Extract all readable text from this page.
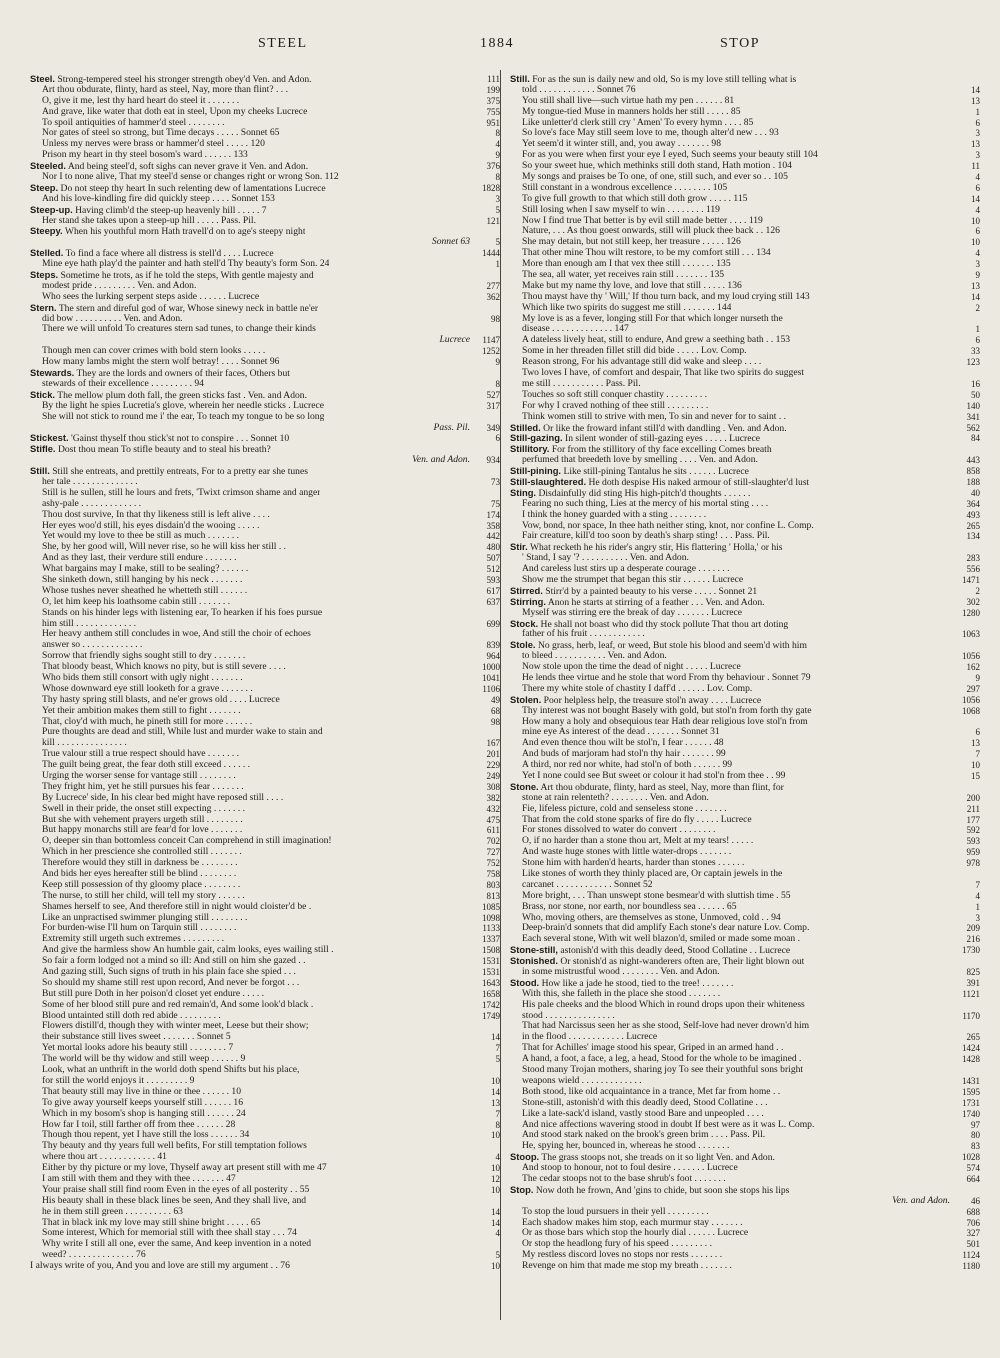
STEEL	1884	STOP
Steel. Strong-tempered steel his stronger strength obey'd Ven. and Adon.	111
Art thou obdurate, flinty, hard as steel, Nay, more than flint? . . .	199
O, give it me, lest thy hard heart do steel it . . . . . . .	375
And grave, like water that doth eat in steel, Upon my cheeks Lucrece	755
To spoil antiquities of hammer'd steel . . . . . . . .	951
Nor gates of steel so strong, but Time decays . . . . . Sonnet 65	8
Unless my nerves were brass or hammer'd steel . . . . . 120	4
Prison my heart in thy steel bosom's ward . . . . . . 133	9
Steeled. And being steel'd, soft sighs can never grave it Ven. and Adon.	376
Nor I to none alive, That my steel'd sense or changes right or wrong Son. 112	8
Steep. Do not steep thy heart In such relenting dew of lamentations Lucrece	1828
And his love-kindling fire did quickly steep . . . . Sonnet 153	3
Steep-up. Having climb'd the steep-up heavenly hill . . . . . 7	5
Her stand she takes upon a steep-up hill . . . . . Pass. Pil.	121
Steepy. When his youthful morn Hath travell'd on to age's steepy night
Sonnet 63	5
Stelled. To find a face where all distress is stell'd . . . . Lucrece	1444
Mine eye hath play'd the painter and hath stell'd Thy beauty's form Son. 24	1
Steps. Sometime he trots, as if he told the steps, With gentle majesty and
modest pride . . . . . . . . . Ven. and Adon.	277
Who sees the lurking serpent steps aside . . . . . . Lucrece	362
Stern. The stern and direful god of war, Whose sinewy neck in battle ne'er
did bow . . . . . . . . . . Ven. and Adon.	98
There we will unfold To creatures stern sad tunes, to change their kinds
Lucrece	1147
Though men can cover crimes with bold stern looks . . . . .	1252
How many lambs might the stern wolf betray! . . . . Sonnet 96	9
Stewards. They are the lords and owners of their faces, Others but
stewards of their excellence . . . . . . . . . 94	8
Stick. The mellow plum doth fall, the green sticks fast . Ven. and Adon.	527
By the light he spies Lucretia's glove, wherein her needle sticks . Lucrece	317
She will not stick to round me i' the ear, To teach my tongue to be so long
Pass. Pil.	349
Stickest. 'Gainst thyself thou stick'st not to conspire . . . Sonnet 10	6
Stifle. Dost thou mean To stifle beauty and to steal his breath?
Ven. and Adon.	934
Still. Still she entreats, and prettily entreats, For to a pretty ear she tunes
her tale . . . . . . . . . . . . . .	73
Still is he sullen, still he lours and frets, 'Twixt crimson shame and anger
ashy-pale . . . . . . . . . . . . .	75
Thou dost survive, In that thy likeness still is left alive . . . .	174
Her eyes woo'd still, his eyes disdain'd the wooing . . . . .	358
Yet would my love to thee be still as much . . . . . . .	442
She, by her good will, Will never rise, so he will kiss her still . .	480
And as they last, their verdure still endure . . . . . . .	507
What bargains may I make, still to be sealing? . . . . . .	512
She sinketh down, still hanging by his neck . . . . . . .	593
Whose tushes never sheathed he whetteth still . . . . . .	617
O, let him keep his loathsome cabin still . . . . . . .	637
Stands on his hinder legs with listening ear, To hearken if his foes pursue
him still . . . . . . . . . . . . .	699
Her heavy anthem still concludes in woe, And still the choir of echoes
answer so . . . . . . . . . . . . .	839
Sorrow that friendly sighs sought still to dry . . . . . . .	964
That bloody beast, Which knows no pity, but is still severe . . . .	1000
Who bids them still consort with ugly night . . . . . . .	1041
Whose downward eye still looketh for a grave . . . . . . .	1106
Thy hasty spring still blasts, and ne'er grows old . . . . Lucrece	49
Yet their ambition makes them still to fight . . . . . . .	68
That, cloy'd with much, he pineth still for more . . . . . .	98
Pure thoughts are dead and still, While lust and murder wake to stain and
kill . . . . . . . . . . . . . . .	167
True valour still a true respect should have . . . . . . .	201
The guilt being great, the fear doth still exceed . . . . . .	229
Urging the worser sense for vantage still . . . . . . . .	249
They fright him, yet he still pursues his fear . . . . . . .	308
By Lucrece' side, In his clear bed might have reposed still . . . .	382
Swell in their pride, the onset still expecting . . . . . . .	432
But she with vehement prayers urgeth still . . . . . . . .	475
But happy monarchs still are fear'd for love . . . . . . .	611
O, deeper sin than bottomless conceit Can comprehend in still imagination!	702
Which in her prescience she controlled still . . . . . . .	727
Therefore would they still in darkness be . . . . . . . .	752
And bids her eyes hereafter still be blind . . . . . . . .	758
Keep still possession of thy gloomy place . . . . . . . .	803
The nurse, to still her child, will tell my story . . . . . .	813
Shames herself to see, And therefore still in night would cloister'd be .	1085
Like an unpractised swimmer plunging still . . . . . . . .	1098
For burden-wise I'll hum on Tarquin still . . . . . . . .	1133
Extremity still urgeth such extremes . . . . . . . . .	1337
And give the harmless show An humble gait, calm looks, eyes wailing still .	1508
So fair a form lodged not a mind so ill: And still on him she gazed . .	1531
And gazing still, Such signs of truth in his plain face she spied . . .	1531
So should my shame still rest upon record, And never be forgot . . .	1643
But still pure Doth in her poison'd closet yet endure . . . . .	1658
Some of her blood still pure and red remain'd, And some look'd black .	1742
Blood untainted still doth red abide . . . . . . . . .	1749
Flowers distill'd, though they with winter meet, Leese but their show;
their substance still lives sweet . . . . . . . Sonnet 5	14
Yet mortal looks adore his beauty still . . . . . . . . 7	7
The world will be thy widow and still weep . . . . . . 9	5
Look, what an unthrift in the world doth spend Shifts but his place,
for still the world enjoys it . . . . . . . . . 9	10
That beauty still may live in thine or thee . . . . . . 10	14
To give away yourself keeps yourself still . . . . . . 16	13
Which in my bosom's shop is hanging still . . . . . . 24	7
How far I toil, still farther off from thee . . . . . . 28	8
Though thou repent, yet I have still the loss . . . . . . 34	10
Thy beauty and thy years full well befits, For still temptation follows
where thou art . . . . . . . . . . . . 41	4
Either by thy picture or my love, Thyself away art present still with me 47	10
I am still with them and they with thee . . . . . . . 47	12
Your praise shall still find room Even in the eyes of all posterity . . 55	10
His beauty shall in these black lines be seen, And they shall live, and
he in them still green . . . . . . . . . . 63	14
That in black ink my love may still shine bright . . . . . 65	14
Some interest, Which for memorial still with thee shall stay . . . 74	4
Why write I still all one, ever the same, And keep invention in a noted
weed? . . . . . . . . . . . . . . 76	5
I always write of you, And you and love are still my argument . . 76	10
Still. For as the sun is daily new and old, So is my love still telling what is
told . . . . . . . . . . . . Sonnet 76	14
You still shall live—such virtue hath my pen . . . . . . 81	13
My tongue-tied Muse in manners holds her still . . . . . 85	1
Like unletter'd clerk still cry ' Amen' To every hymn . . . . 85	6
So love's face May still seem love to me, though alter'd new . . . 93	3
Yet seem'd it winter still, and, you away . . . . . . . 98	13
For as you were when first your eye I eyed, Such seems your beauty still 104	3
So your sweet hue, which methinks still doth stand, Hath motion . 104	11
My songs and praises be To one, of one, still such, and ever so . . 105	4
Still constant in a wondrous excellence . . . . . . . . 105	6
To give full growth to that which still doth grow . . . . . 115	14
Still losing when I saw myself to win . . . . . . . . 119	4
Now I find true That better is by evil still made better . . . . 119	10
Nature, . . . As thou goest onwards, still will pluck thee back . . 126	6
She may detain, but not still keep, her treasure . . . . . 126	10
That other mine Thou wilt restore, to be my comfort still . . . 134	4
More than enough am I that vex thee still . . . . . . . 135	3
The sea, all water, yet receives rain still . . . . . . . 135	9
Make but my name thy love, and love that still . . . . . 136	13
Thou mayst have thy ' Will,' If thou turn back, and my loud crying still 143	14
Which like two spirits do suggest me still . . . . . . . 144	2
My love is as a fever, longing still For that which longer nurseth the
disease . . . . . . . . . . . . . 147	1
A dateless lively heat, still to endure, And grew a seething bath . . 153	6
Some in her threaden fillet still did bide . . . . . Lov. Comp.	33
Reason strong, For his advantage still did wake and sleep . . . .	123
Two loves I have, of comfort and despair, That like two spirits do suggest
me still . . . . . . . . . . . Pass. Pil.	16
Touches so soft still conquer chastity . . . . . . . . .	50
For why I craved nothing of thee still . . . . . . . . .	140
Think women still to strive with men, To sin and never for to saint . .	341
Stilled. Or like the froward infant still'd with dandling . Ven. and Adon.	562
Still-gazing. In silent wonder of still-gazing eyes . . . . . Lucrece	84
Stillitory. For from the stillitory of thy face excelling Comes breath
perfumed that breedeth love by smelling . . . . Ven. and Adon.	443
Still-pining. Like still-pining Tantalus he sits . . . . . . Lucrece	858
Still-slaughtered. He doth despise His naked armour of still-slaughter'd lust	188
Sting. Disdainfully did sting His high-pitch'd thoughts . . . . . .	40
Fearing no such thing, Lies at the mercy of his mortal sting . . . .	364
I think the honey guarded with a sting . . . . . . . .	493
Vow, bond, nor space, In thee hath neither sting, knot, nor confine L. Comp.	265
Fair creature, kill'd too soon by death's sharp sting! . . . Pass. Pil.	134
Stir. What recketh he his rider's angry stir, His flattering ' Holla,' or his
' Stand, I say '? . . . . . . . . . . Ven. and Adon.	283
And careless lust stirs up a desperate courage . . . . . . .	556
Show me the strumpet that began this stir . . . . . . Lucrece	1471
Stirred. Stirr'd by a painted beauty to his verse . . . . . Sonnet 21	2
Stirring. Anon he starts at stirring of a feather . . . Ven. and Adon.	302
Myself was stirring ere the break of day . . . . . . . Lucrece	1280
Stock. He shall not boast who did thy stock pollute That thou art doting
father of his fruit . . . . . . . . . . . .	1063
Stole. No grass, herb, leaf, or weed, But stole his blood and seem'd with him
to bleed . . . . . . . . . . . Ven. and Adon.	1056
Now stole upon the time the dead of night . . . . . Lucrece	162
He lends thee virtue and he stole that word From thy behaviour . Sonnet 79	9
There my white stole of chastity I daff'd . . . . . . Lov. Comp.	297
Stolen. Poor helpless help, the treasure stol'n away . . . . Lucrece	1056
Thy interest was not bought Basely with gold, but stol'n from forth thy gate	1068
How many a holy and obsequious tear Hath dear religious love stol'n from
mine eye As interest of the dead . . . . . . . Sonnet 31	6
And even thence thou wilt be stol'n, I fear . . . . . . 48	13
And buds of marjoram had stol'n thy hair . . . . . . . 99	7
A third, nor red nor white, had stol'n of both . . . . . . 99	10
Yet I none could see But sweet or colour it had stol'n from thee . . 99	15
Stone. Art thou obdurate, flinty, hard as steel, Nay, more than flint, for
stone at rain relenteth? . . . . . . . . Ven. and Adon.	200
Fie, lifeless picture, cold and senseless stone . . . . . . .	211
That from the cold stone sparks of fire do fly . . . . . Lucrece	177
For stones dissolved to water do convert . . . . . . . .	592
O, if no harder than a stone thou art, Melt at my tears! . . . . .	593
And waste huge stones with little water-drops . . . . . . .	959
Stone him with harden'd hearts, harder than stones . . . . . .	978
Like stones of worth they thinly placed are, Or captain jewels in the
carcanet . . . . . . . . . . . . Sonnet 52	7
More bright, . . . Than unswept stone besmear'd with sluttish time . 55	4
Brass, nor stone, nor earth, nor boundless sea . . . . . . 65	1
Who, moving others, are themselves as stone, Unmoved, cold . . 94	3
Deep-brain'd sonnets that did amplify Each stone's dear nature Lov. Comp.	209
Each several stone, With wit well blazon'd, smiled or made some moan .	216
Stone-still, astonish'd with this deadly deed, Stood Collatine . . Lucrece	1730
Stonished. Or stonish'd as night-wanderers often are, Their light blown out
in some mistrustful wood . . . . . . . . Ven. and Adon.	825
Stood. How like a jade he stood, tied to the tree! . . . . . . .	391
With this, she falleth in the place she stood . . . . . . .	1121
His pale cheeks and the blood Which in round drops upon their whiteness
stood . . . . . . . . . . . . . . .	1170
That had Narcissus seen her as she stood, Self-love had never drown'd him
in the flood . . . . . . . . . . . . Lucrece	265
That for Achilles' image stood his spear, Griped in an armed hand . .	1424
A hand, a foot, a face, a leg, a head, Stood for the whole to be imagined .	1428
Stood many Trojan mothers, sharing joy To see their youthful sons bright
weapons wield . . . . . . . . . . . . .	1431
Both stood, like old acquaintance in a trance, Met far from home . .	1595
Stone-still, astonish'd with this deadly deed, Stood Collatine . . .	1731
Like a late-sack'd island, vastly stood Bare and unpeopled . . . .	1740
And nice affections wavering stood in doubt If best were as it was L. Comp.	97
And stood stark naked on the brook's green brim . . . . Pass. Pil.	80
He, spying her, bounced in, whereas he stood . . . . . . .	83
Stoop. The grass stoops not, she treads on it so light Ven. and Adon.	1028
And stoop to honour, not to foul desire . . . . . . . Lucrece	574
The cedar stoops not to the base shrub's foot . . . . . . .	664
Stop. Now doth he frown, And 'gins to chide, but soon she stops his lips
Ven. and Adon.	46
To stop the loud pursuers in their yell . . . . . . . . .	688
Each shadow makes him stop, each murmur stay . . . . . . .	706
Or as those bars which stop the hourly dial . . . . . . Lucrece	327
Or stop the headlong fury of his speed . . . . . . . . .	501
My restless discord loves no stops nor rests . . . . . . .	1124
Revenge on him that made me stop my breath . . . . . . .	1180
